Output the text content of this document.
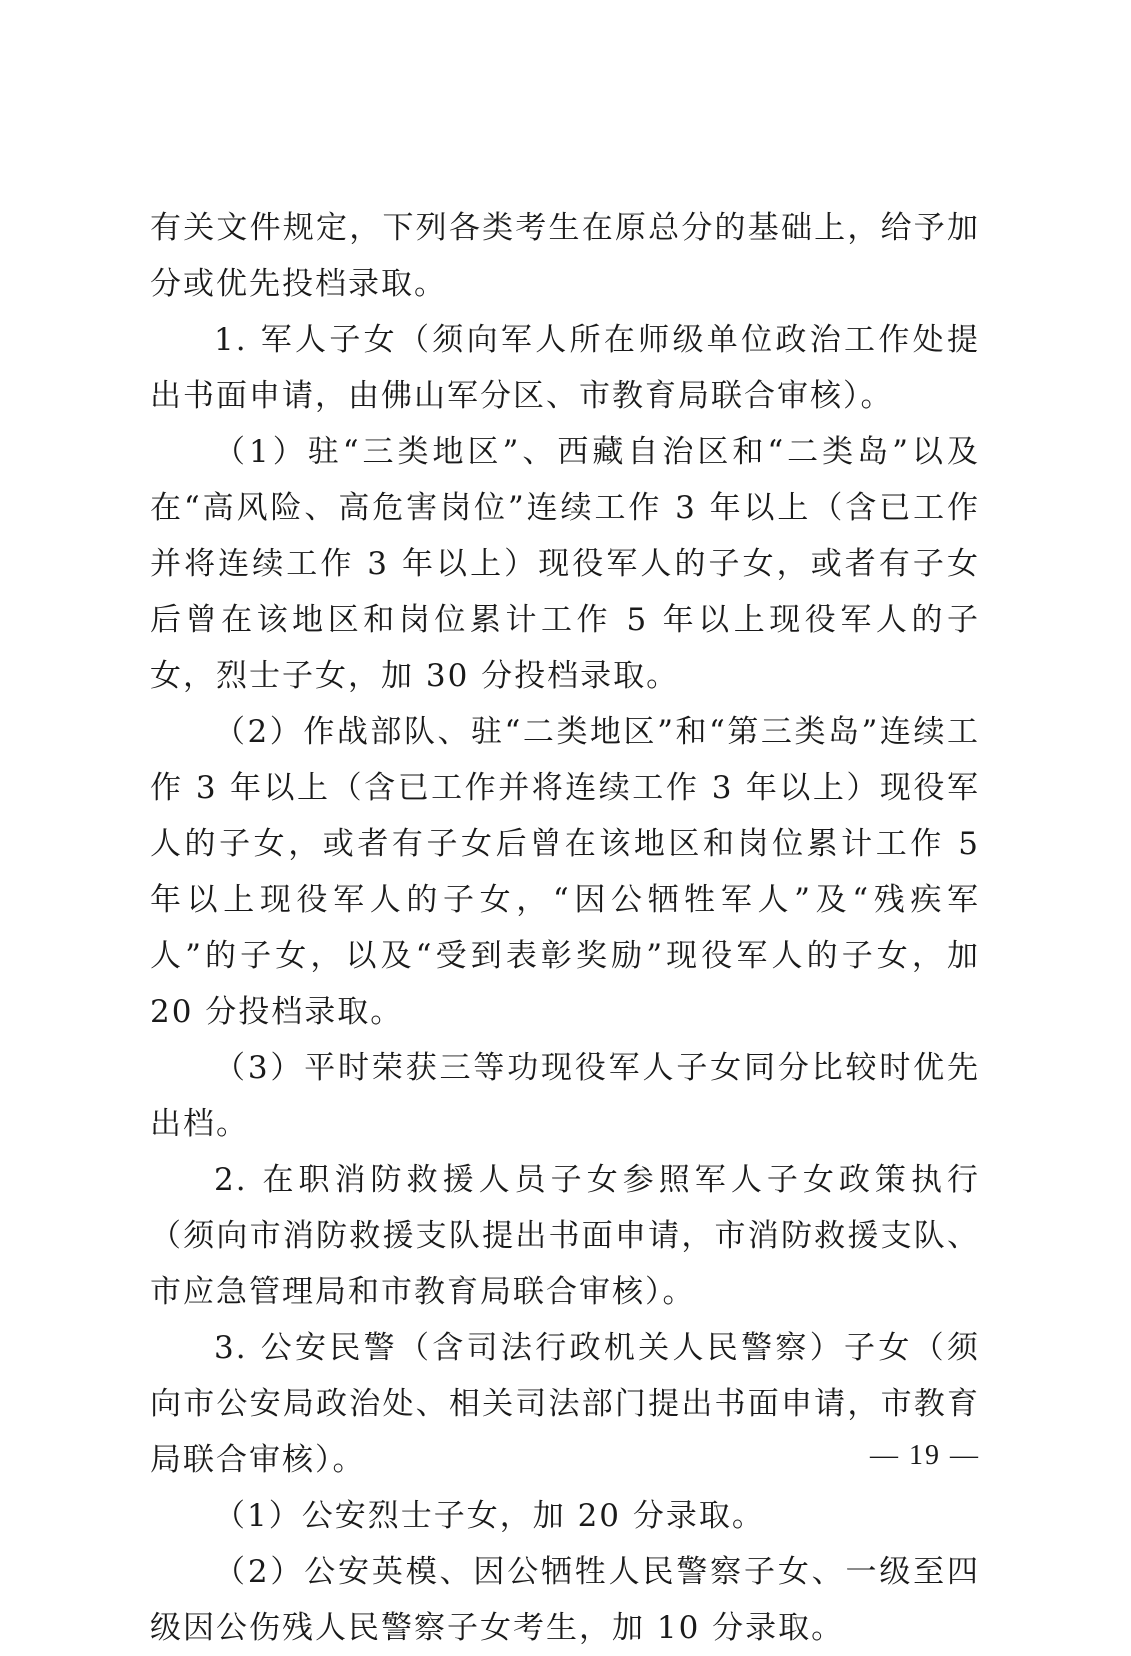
有关文件规定，下列各类考生在原总分的基础上，给予加分或优先投档录取。

1. 军人子女（须向军人所在师级单位政治工作处提出书面申请，由佛山军分区、市教育局联合审核）。

（1）驻“三类地区”、西藏自治区和“二类岛”以及在“高风险、高危害岗位”连续工作 3 年以上（含已工作并将连续工作 3 年以上）现役军人的子女，或者有子女后曾在该地区和岗位累计工作 5 年以上现役军人的子女，烈士子女，加 30 分投档录取。

（2）作战部队、驻“二类地区”和“第三类岛”连续工作 3 年以上（含已工作并将连续工作 3 年以上）现役军人的子女，或者有子女后曾在该地区和岗位累计工作 5 年以上现役军人的子女，“因公牺牲军人”及“残疾军人”的子女，以及“受到表彰奖励”现役军人的子女，加 20 分投档录取。

（3）平时荣获三等功现役军人子女同分比较时优先出档。

2. 在职消防救援人员子女参照军人子女政策执行（须向市消防救援支队提出书面申请，市消防救援支队、市应急管理局和市教育局联合审核）。

3. 公安民警（含司法行政机关人民警察）子女（须向市公安局政治处、相关司法部门提出书面申请，市教育局联合审核）。

（1）公安烈士子女，加 20 分录取。

（2）公安英模、因公牺牲人民警察子女、一级至四级因公伤残人民警察子女考生，加 10 分录取。

— 19 —
